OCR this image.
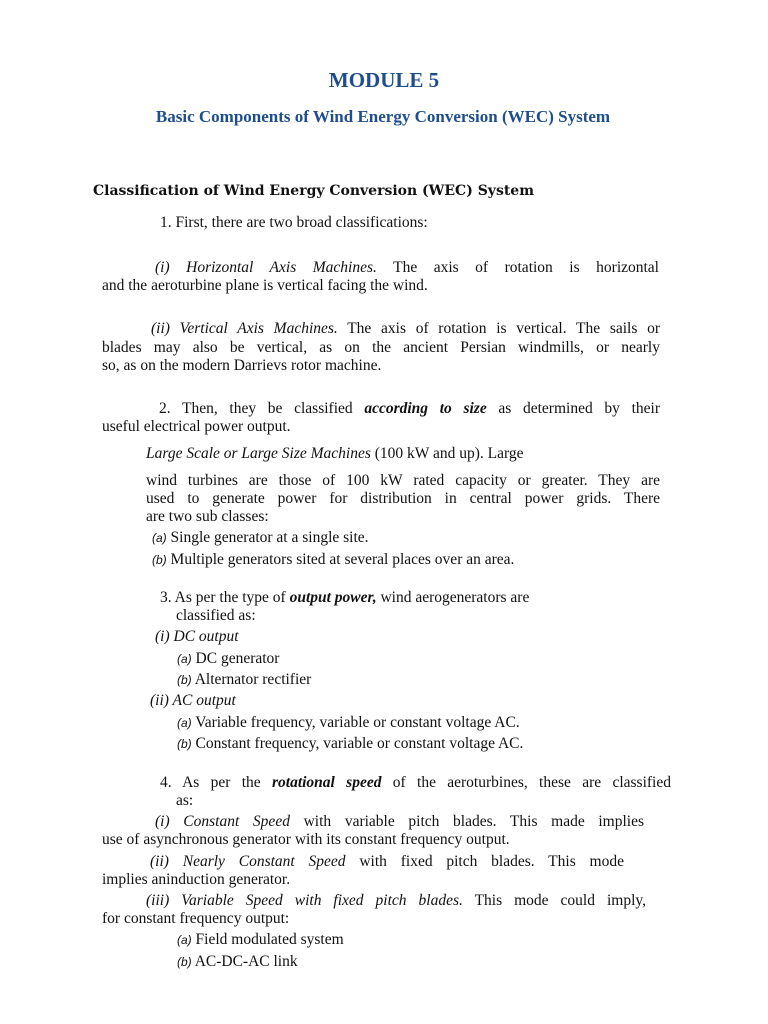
MODULE 5
Basic Components of Wind Energy Conversion (WEC) System
Classification of Wind Energy Conversion (WEC) System
1. First, there are two broad classifications:
(i) Horizontal Axis Machines. The axis of rotation is horizontal
and the aeroturbine plane is vertical facing the wind.
(ii) Vertical Axis Machines. The axis of rotation is vertical. The sails or
blades may also be vertical, as on the ancient Persian windmills, or nearly
so, as on the modern Darrievs rotor machine.
2. Then, they be classified according to size as determined by their
useful electrical power output.
Large Scale or Large Size Machines (100 kW and up). Large
wind turbines are those of 100 kW rated capacity or greater. They are
used to generate power for distribution in central power grids. There
are two sub classes:
(a) Single generator at a single site.
(b) Multiple generators sited at several places over an area.
3. As per the type of output power, wind aerogenerators are
classified as:
(i) DC output
(a) DC generator
(b) Alternator rectifier
(ii) AC output
(a) Variable frequency, variable or constant voltage AC.
(b) Constant frequency, variable or constant voltage AC.
4. As per the rotational speed of the aeroturbines, these are classified
as:
(i) Constant Speed with variable pitch blades. This made implies
use of asynchronous generator with its constant frequency output.
(ii) Nearly Constant Speed with fixed pitch blades. This mode
implies aninduction generator.
(iii) Variable Speed with fixed pitch blades. This mode could imply,
for constant frequency output:
(a) Field modulated system
(b) AC-DC-AC link
